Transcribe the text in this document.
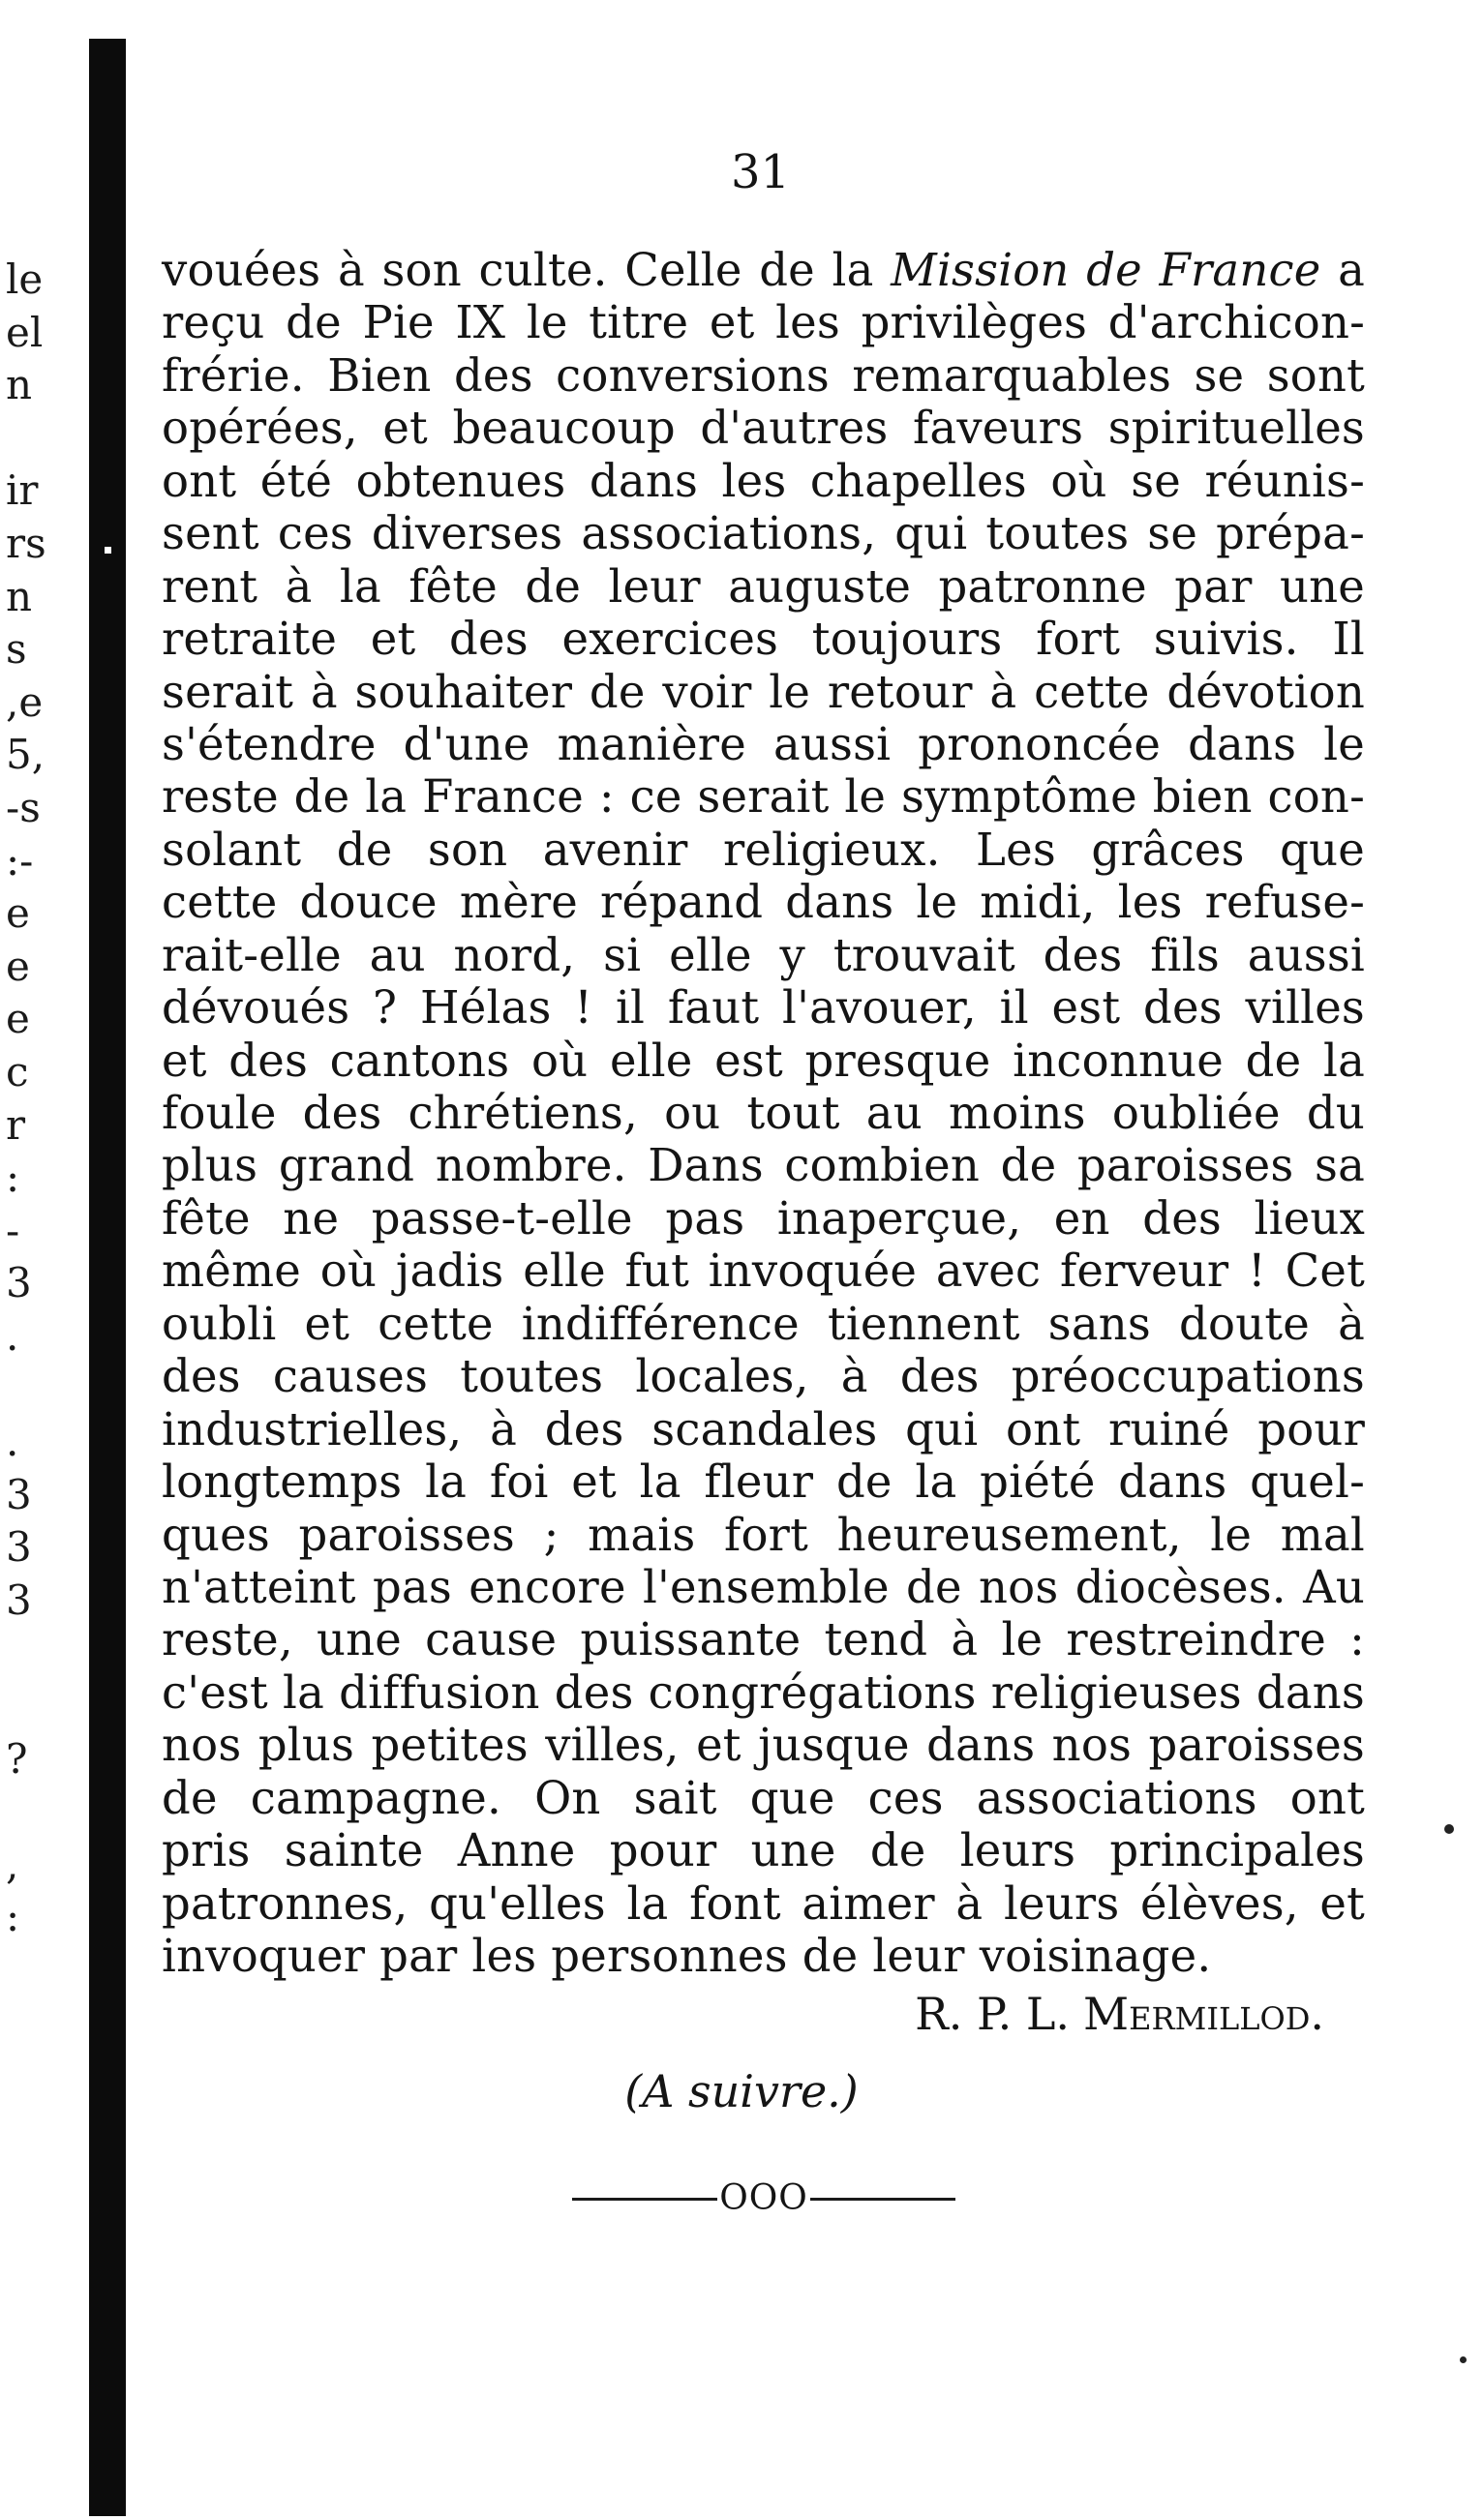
le
el
n
ir
rs
n
s
,e
5,
-s
:-
e
e
e
c
r
:
-
3
.
.
3
3
3
?
,
:
31
vouées à son culte. Celle de la Mission de France a
reçu de Pie IX le titre et les privilèges d'archicon-
frérie. Bien des conversions remarquables se sont
opérées, et beaucoup d'autres faveurs spirituelles
ont été obtenues dans les chapelles où se réunis-
sent ces diverses associations, qui toutes se prépa-
rent à la fête de leur auguste patronne par une
retraite et des exercices toujours fort suivis. Il
serait à souhaiter de voir le retour à cette dévotion
s'étendre d'une manière aussi prononcée dans le
reste de la France : ce serait le symptôme bien con-
solant de son avenir religieux. Les grâces que
cette douce mère répand dans le midi, les refuse-
rait-elle au nord, si elle y trouvait des fils aussi
dévoués ? Hélas ! il faut l'avouer, il est des villes
et des cantons où elle est presque inconnue de la
foule des chrétiens, ou tout au moins oubliée du
plus grand nombre. Dans combien de paroisses sa
fête ne passe-t-elle pas inaperçue, en des lieux
même où jadis elle fut invoquée avec ferveur ! Cet
oubli et cette indifférence tiennent sans doute à
des causes toutes locales, à des préoccupations
industrielles, à des scandales qui ont ruiné pour
longtemps la foi et la fleur de la piété dans quel-
ques paroisses ; mais fort heureusement, le mal
n'atteint pas encore l'ensemble de nos diocèses. Au
reste, une cause puissante tend à le restreindre :
c'est la diffusion des congrégations religieuses dans
nos plus petites villes, et jusque dans nos paroisses
de campagne. On sait que ces associations ont
pris sainte Anne pour une de leurs principales
patronnes, qu'elles la font aimer à leurs élèves, et
invoquer par les personnes de leur voisinage.
R. P. L. Mermillod.
(A suivre.)
OOO
